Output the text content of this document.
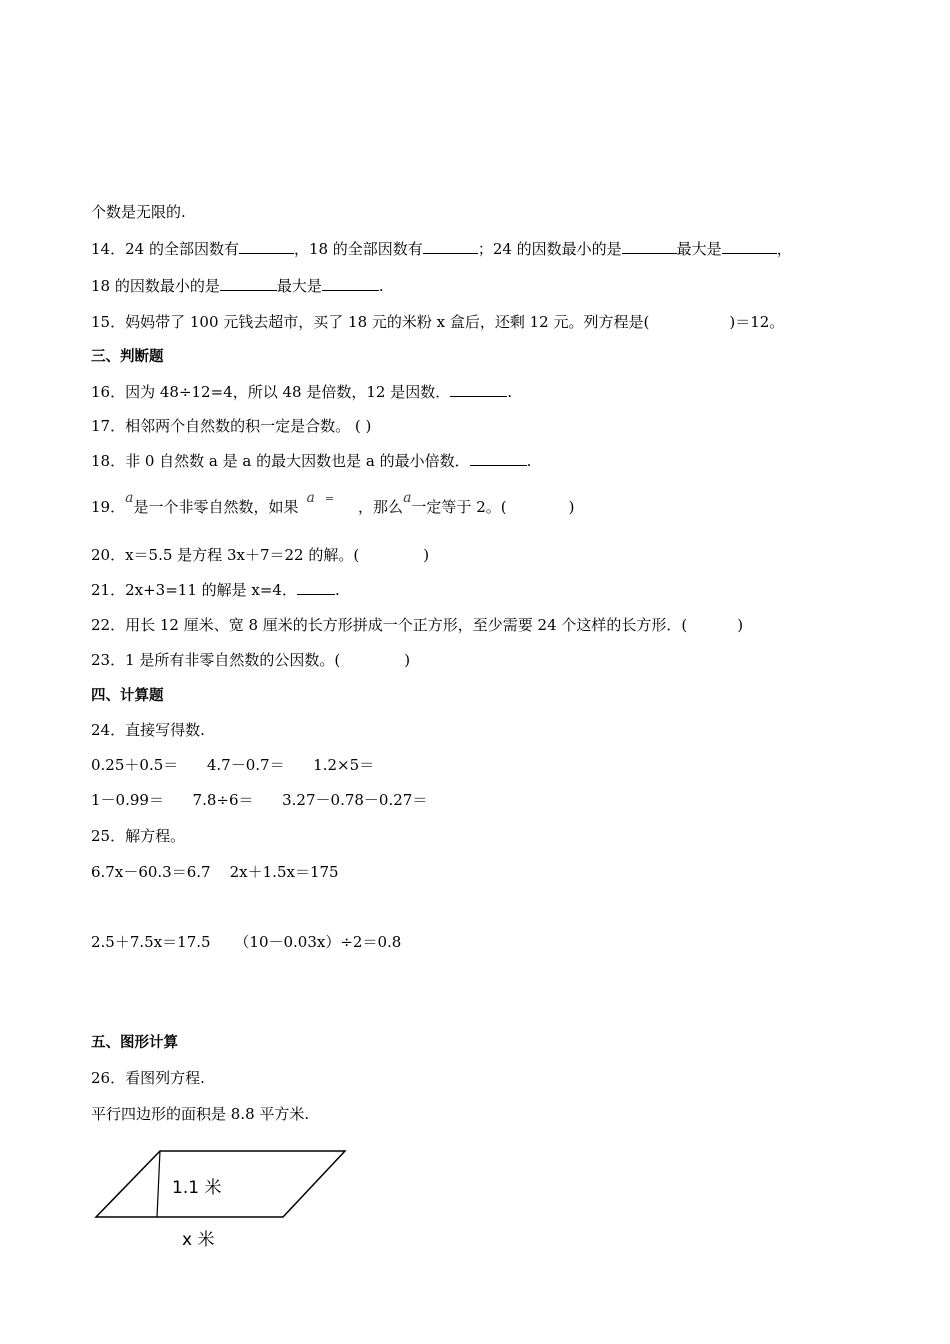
个数是无限的.
14．24 的全部因数有	，18 的全部因数有	；24 的因数最小的是	最大是	，
18 的因数最小的是	最大是	.
15．妈妈带了 100 元钱去超市，买了 18 元的米粉 x 盒后，还剩 12 元。列方程是(	)＝12。
三、判断题
16．因为 48÷12=4，所以 48 是倍数，12 是因数．	.
17．相邻两个自然数的积一定是合数。 ( )
18．非 0 自然数 a 是 a 的最大因数也是 a 的最小倍数．	.
19．a是一个非零自然数，如果 a = ，那么a一定等于 2。(	)
20．x＝5.5 是方程 3x＋7＝22 的解。(	)
21．2x+3=11 的解是 x=4．	.
22．用长 12 厘米、宽 8 厘米的长方形拼成一个正方形，至少需要 24 个这样的长方形．(	)
23．1 是所有非零自然数的公因数。(	)
四、计算题
24．直接写得数.
0.25＋0.5＝      4.7－0.7＝      1.2×5＝
1－0.99＝      7.8÷6＝      3.27－0.78－0.27＝
25．解方程。
6.7x－60.3＝6.7    2x＋1.5x＝175
2.5＋7.5x＝17.5     （10－0.03x）÷2＝0.8
五、图形计算
26．看图列方程.
平行四边形的面积是 8.8 平方米.
1.1 米
x 米
